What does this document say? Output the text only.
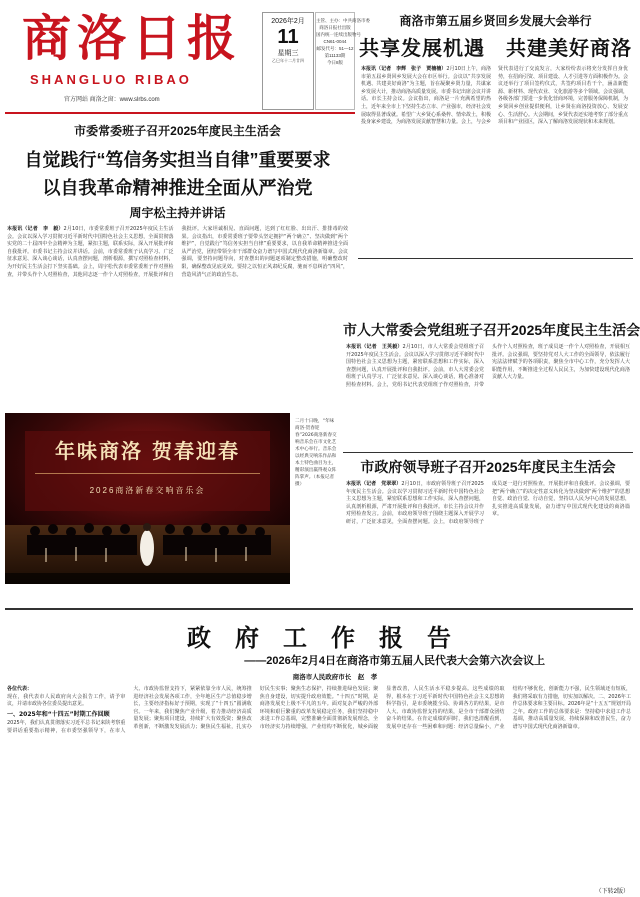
商洛日报
SHANGLUO RIBAO
官方网站 商洛之窗：www.slrbs.com
2026年2月
11
星期三
乙巳年十二月廿四
主管、主办：中共商洛市委
商洛日报社出版
国内统一连续出版物号
CN61-0044
邮发代号：51—12
第11133期
今日8版
商洛市第五届乡贤回乡发展大会举行
共享发展机遇　共建美好商洛
本报讯（记者　李辉　张子　贾楠楠）2月10日上午，商洛市第五届乡贤回乡发展大会在市区举行。会议以“共享发展机遇、共建美好商洛”为主题，旨在凝聚乡贤力量，共谋家乡发展大计，推动商洛高质量发展。市委书记出席会议并讲话。市长主持会议。会议指出，商洛是一片充满希望的热土，近年来全市上下坚持生态立市、产业强市，经济社会发展取得显著成就。希望广大乡贤心系桑梓、情牵故土，积极投身家乡建设，为商洛发展贡献智慧和力量。会上，与会乡贤代表进行了交流发言，大家纷纷表示将充分发挥自身优势，在招商引资、项目建设、人才引进等方面积极作为。会议还举行了项目签约仪式，共签约项目若干个，涵盖新能源、新材料、现代农业、文化旅游等多个领域。会议强调，各级各部门要进一步优化营商环境，完善服务保障机制，为乡贤回乡创业提供便利，让乡贤在商洛投资放心、发展安心、生活舒心。大会期间，乡贤代表还实地考察了部分重点项目和产业园区，深入了解商洛发展现状和未来规划。
市委常委班子召开2025年度民主生活会
自觉践行“笃信务实担当自律”重要要求
以自我革命精神推进全面从严治党
周宇松主持并讲话
本报讯（记者　李　毅）2月10日，市委常委班子召开2025年度民主生活会。会议以深入学习贯彻习近平新时代中国特色社会主义思想，全面贯彻落实党的二十届四中全会精神为主题，紧扣主题，联系实际，深入开展批评和自我批评。市委书记主持会议并讲话。会前，市委常委班子认真学习、广泛征求意见、深入谈心谈话，认真查摆问题，剖析根源，撰写对照检查材料，为开好民主生活会打下坚实基础。会上，周宇松代表市委常委班子作对照检查，并带头作个人对照检查，其他同志逐一作个人对照检查，开展批评和自我批评。大家坦诚相见、直面问题，达到了红红脸、出出汗、排排毒的效果。会议指出，市委常委班子要带头坚定拥护“两个确立”、坚决做到“两个维护”，自觉践行“笃信务实担当自律”重要要求，以自我革命精神推进全面从严治党，团结带领全市干部群众奋力谱写中国式现代化商洛新篇章。会议强调，要坚持问题导向，对查摆出的问题逐项制定整改措施，明确整改时限，确保整改见底见效。要持之以恒正风肃纪反腐，驰而不息纠治“四风”，营造风清气正的政治生态。
年味商洛 贺春迎春
2026商洛新春交响音乐会
二月十日晚，“年味商洛·贺春迎春”2026商洛新春交响音乐会在市文化艺术中心举行。音乐会以经典交响乐作品和本土特色曲目为主，精彩演出赢得观众阵阵掌声。（本报记者　摄）
市人大常委会党组班子召开2025年度民主生活会
本报讯（记者　王英毅）2月10日，市人大常委会党组班子召开2025年度民主生活会。会议以深入学习贯彻习近平新时代中国特色社会主义思想为主题，紧密联系思想和工作实际，深入查摆问题，认真开展批评和自我批评。会前，市人大常委会党组班子认真学习、广泛征求意见、深入谈心谈话，精心准备对照检查材料。会上，党组书记代表党组班子作对照检查，并带头作个人对照检查，班子成员逐一作个人对照检查，开展相互批评。会议强调，要坚持党对人大工作的全面领导，依法履行宪法法律赋予的各项职责，聚焦全市中心工作，充分发挥人大职能作用，不断推进全过程人民民主，为加快建设现代化商洛贡献人大力量。
市政府领导班子召开2025年度民主生活会
本报讯（记者　党翠翠）2月10日，市政府领导班子召开2025年度民主生活会。会议以学习贯彻习近平新时代中国特色社会主义思想为主题，紧密联系思想和工作实际，深入查摆问题，认真剖析根源，严肃开展批评和自我批评。市长主持会议并作对照检查发言。会前，市政府领导班子围绕主题深入开展学习研讨，广泛征求意见，全面查摆问题。会上，市政府领导班子成员逐一进行对照检查，开展批评和自我批评。会议强调，要把“两个确立”的决定性意义转化为坚决做到“两个维护”的思想自觉、政治自觉、行动自觉，坚持以人民为中心的发展思想，扎实推进高质量发展，奋力谱写中国式现代化建设的商洛篇章。
政　府　工　作　报　告
——2026年2月4日在商洛市第五届人民代表大会第六次会议上
商洛市人民政府市长　赵　孝
各位代表：
现在，我代表市人民政府向大会报告工作，请予审议，并请市政协各位委员提出意见。
一、2025年和“十四五”时期工作回顾
2025年，我们认真贯彻落实习近平总书记来陕考察重要讲话重要指示精神，在市委坚强领导下，在市人大、市政协监督支持下，紧紧依靠全市人民，统筹推进经济社会发展各项工作，全年地区生产总值稳步增长，主要经济指标好于预期，实现了“十四五”圆满收官。一年来，我们聚焦产业升级，着力推动经济高质量发展；聚焦项目建设，持续扩大有效投资；聚焦改革创新，不断激发发展活力；聚焦民生福祉，扎实办好民生实事；聚焦生态保护，持续推进绿色发展；聚焦自身建设，切实提升政府效能。“十四五”时期，是商洛发展史上极不平凡的五年。面对复杂严峻的外部环境和艰巨繁重的改革发展稳定任务，我们坚持稳中求进工作总基调，完整准确全面贯彻新发展理念，全市经济实力持续增强，产业结构不断优化，城乡面貌显著改善，人民生活水平稳步提高。这些成绩的取得，根本在于习近平新时代中国特色社会主义思想的科学指引，是市委统揽全局、协调各方的结果，是市人大、市政协监督支持的结果，是全市干部群众团结奋斗的结果。在肯定成绩的同时，我们也清醒看到，发展中还存在一些困难和问题：经济总量偏小，产业结构不够优化，创新能力不强，民生领域还有短板，我们将采取有力措施，切实加以解决。二、2026年工作总体要求和主要目标。2026年是“十五五”规划开局之年。政府工作的总体要求是：坚持稳中求进工作总基调，推动高质量发展，持续保障和改善民生，奋力谱写中国式现代化商洛新篇章。
（下转2版）
